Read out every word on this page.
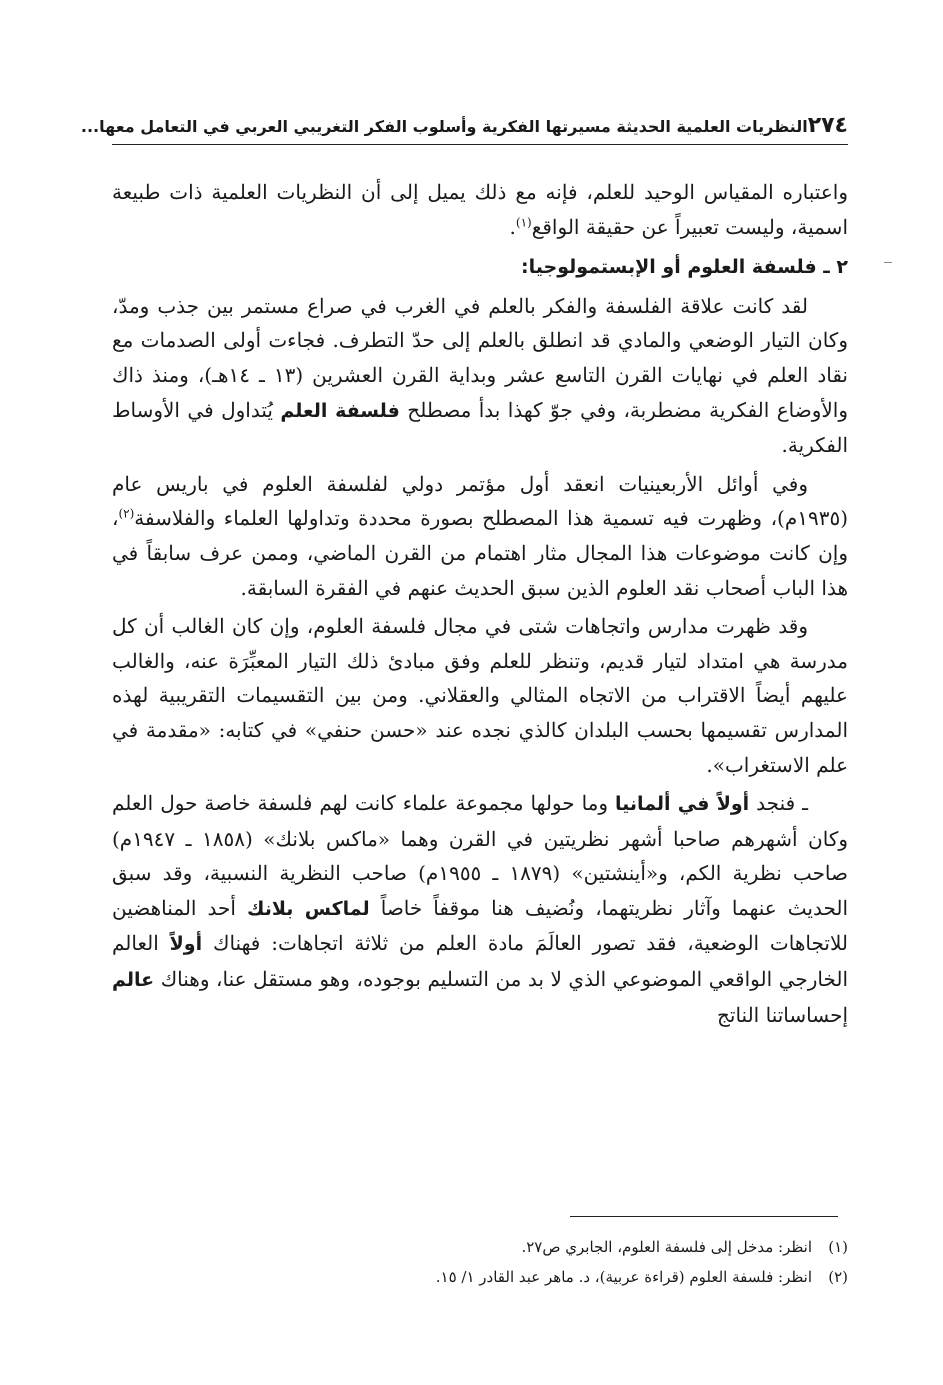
٢٧٤
النظريات العلمية الحديثة مسيرتها الفكرية وأسلوب الفكر التغريبي العربي في التعامل معها...

واعتباره المقياس الوحيد للعلم، فإنه مع ذلك يميل إلى أن النظريات العلمية ذات طبيعة اسمية، وليست تعبيراً عن حقيقة الواقع$^{(١)}$.

٢ ـ فلسفة العلوم أو الإبستمولوجيا:

لقد كانت علاقة الفلسفة والفكر بالعلم في الغرب في صراع مستمر بين جذب ومدّ، وكان التيار الوضعي والمادي قد انطلق بالعلم إلى حدّ التطرف. فجاءت أولى الصدمات مع نقاد العلم في نهايات القرن التاسع عشر وبداية القرن العشرين (١٣ ـ ١٤هـ)، ومنذ ذاك والأوضاع الفكرية مضطربة، وفي جوّ كهذا بدأ مصطلح فلسفة العلم يُتداول في الأوساط الفكرية.

وفي أوائل الأربعينيات انعقد أول مؤتمر دولي لفلسفة العلوم في باريس عام (١٩٣٥م)، وظهرت فيه تسمية هذا المصطلح بصورة محددة وتداولها العلماء والفلاسفة$^{(٢)}$، وإن كانت موضوعات هذا المجال مثار اهتمام من القرن الماضي، وممن عرف سابقاً في هذا الباب أصحاب نقد العلوم الذين سبق الحديث عنهم في الفقرة السابقة.

وقد ظهرت مدارس واتجاهات شتى في مجال فلسفة العلوم، وإن كان الغالب أن كل مدرسة هي امتداد لتيار قديم، وتنظر للعلم وفق مبادئ ذلك التيار المعبِّرَة عنه، والغالب عليهم أيضاً الاقتراب من الاتجاه المثالي والعقلاني. ومن بين التقسيمات التقريبية لهذه المدارس تقسيمها بحسب البلدان كالذي نجده عند «حسن حنفي» في كتابه: «مقدمة في علم الاستغراب».

ـ فنجد أولاً في ألمانيا وما حولها مجموعة علماء كانت لهم فلسفة خاصة حول العلم وكان أشهرهم صاحبا أشهر نظريتين في القرن وهما «ماكس بلانك» (١٨٥٨ ـ ١٩٤٧م) صاحب نظرية الكم، و«أينشتين» (١٨٧٩ ـ ١٩٥٥م) صاحب النظرية النسبية، وقد سبق الحديث عنهما وآثار نظريتهما، ونُضيف هنا موقفاً خاصاً لماكس بلانك أحد المناهضين للاتجاهات الوضعية، فقد تصور العالَمَ مادة العلم من ثلاثة اتجاهات: فهناك أولاً العالم الخارجي الواقعي الموضوعي الذي لا بد من التسليم بوجوده، وهو مستقل عنا، وهناك عالم إحساساتنا الناتج

(١)
انظر: مدخل إلى فلسفة العلوم، الجابري ص٢٧.
(٢)
انظر: فلسفة العلوم (قراءة عربية)، د. ماهر عبد القادر ١/ ١٥.
